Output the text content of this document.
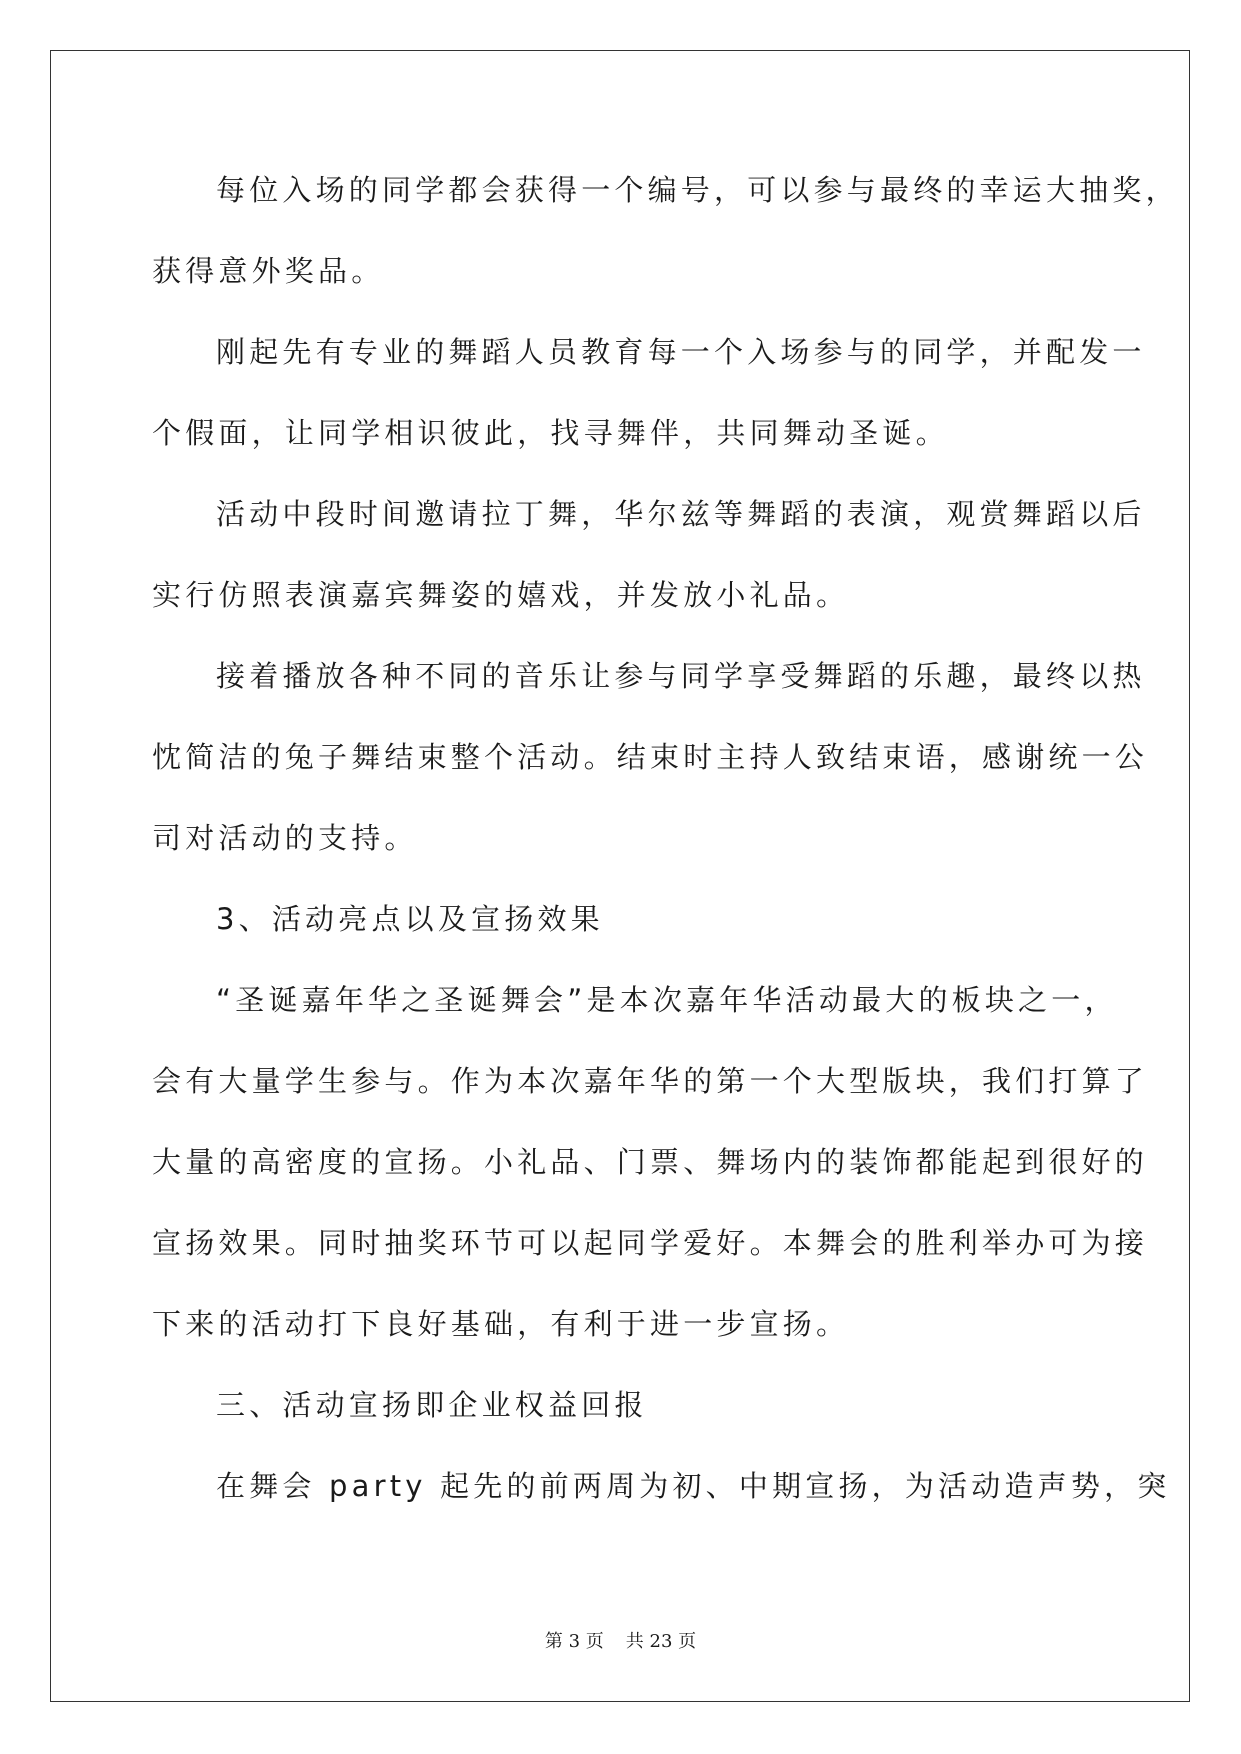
每位入场的同学都会获得一个编号，可以参与最终的幸运大抽奖，

获得意外奖品。

刚起先有专业的舞蹈人员教育每一个入场参与的同学，并配发一

个假面，让同学相识彼此，找寻舞伴，共同舞动圣诞。

活动中段时间邀请拉丁舞，华尔兹等舞蹈的表演，观赏舞蹈以后

实行仿照表演嘉宾舞姿的嬉戏，并发放小礼品。

接着播放各种不同的音乐让参与同学享受舞蹈的乐趣，最终以热

忱简洁的兔子舞结束整个活动。结束时主持人致结束语，感谢统一公

司对活动的支持。

3、活动亮点以及宣扬效果

“圣诞嘉年华之圣诞舞会”是本次嘉年华活动最大的板块之一，

会有大量学生参与。作为本次嘉年华的第一个大型版块，我们打算了

大量的高密度的宣扬。小礼品、门票、舞场内的装饰都能起到很好的

宣扬效果。同时抽奖环节可以起同学爱好。本舞会的胜利举办可为接

下来的活动打下良好基础，有利于进一步宣扬。

三、活动宣扬即企业权益回报

在舞会 party 起先的前两周为初、中期宣扬，为活动造声势，突

第 3 页 共 23 页
